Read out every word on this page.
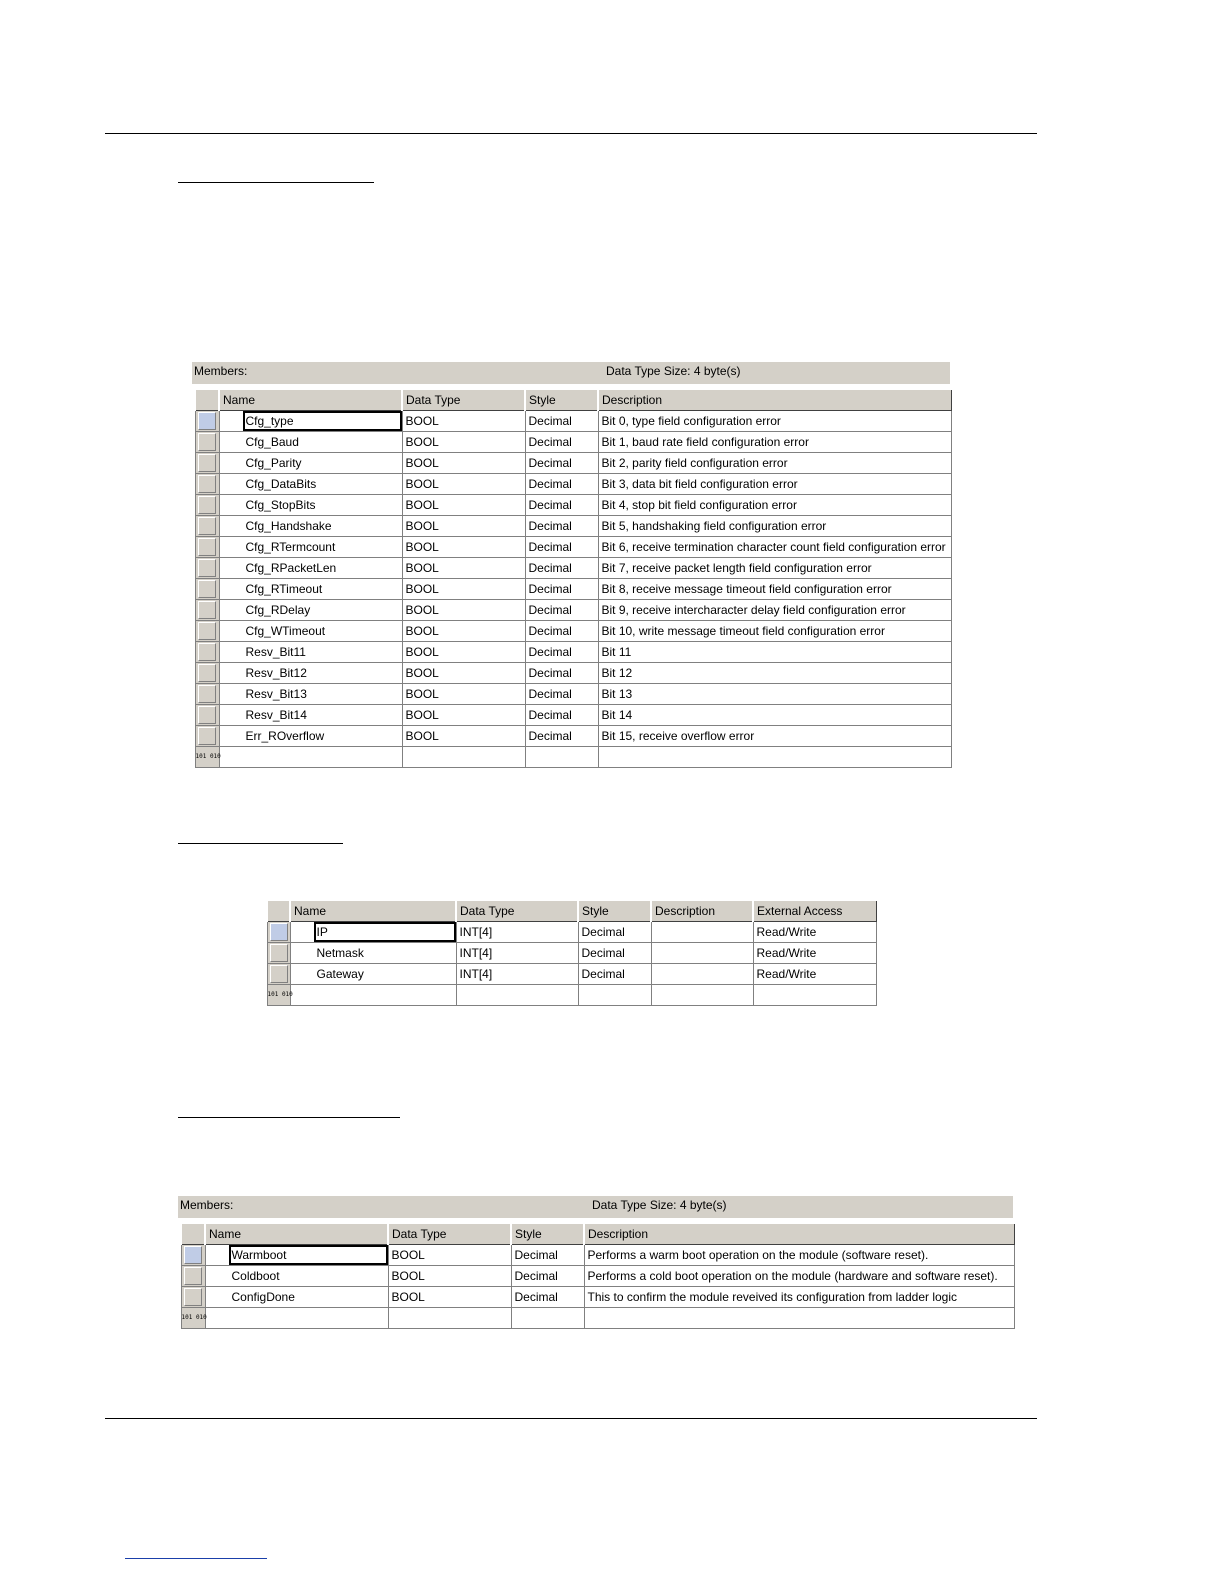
Members:	Data Type Size: 4 byte(s)
	Name	Data Type	Style	Description

	Cfg_type	BOOL	Decimal	Bit 0, type field configuration error

	Cfg_Baud	BOOL	Decimal	Bit 1, baud rate field configuration error

	Cfg_Parity	BOOL	Decimal	Bit 2, parity field configuration error

	Cfg_DataBits	BOOL	Decimal	Bit 3, data bit field configuration error

	Cfg_StopBits	BOOL	Decimal	Bit 4, stop bit field configuration error

	Cfg_Handshake	BOOL	Decimal	Bit 5, handshaking field configuration error

	Cfg_RTermcount	BOOL	Decimal	Bit 6, receive termination character count field configuration error

	Cfg_RPacketLen	BOOL	Decimal	Bit 7, receive packet length field configuration error

	Cfg_RTimeout	BOOL	Decimal	Bit 8, receive message timeout field configuration error

	Cfg_RDelay	BOOL	Decimal	Bit 9, receive intercharacter delay field configuration error

	Cfg_WTimeout	BOOL	Decimal	Bit 10, write message timeout field configuration error

	Resv_Bit11	BOOL	Decimal	Bit 11

	Resv_Bit12	BOOL	Decimal	Bit 12

	Resv_Bit13	BOOL	Decimal	Bit 13

	Resv_Bit14	BOOL	Decimal	Bit 14

	Err_ROverflow	BOOL	Decimal	Bit 15, receive overflow error
101 010				
	Name	Data Type	Style	Description	External Access

	IP	INT[4]	Decimal		Read/Write

	Netmask	INT[4]	Decimal		Read/Write

	Gateway	INT[4]	Decimal		Read/Write
101 010					
Members:	Data Type Size: 4 byte(s)
	Name	Data Type	Style	Description

	Warmboot	BOOL	Decimal	Performs a warm boot operation on the module (software reset).

	Coldboot	BOOL	Decimal	Performs a cold boot operation on the module (hardware and software reset).

	ConfigDone	BOOL	Decimal	This to confirm the module reveived its configuration from ladder logic
101 010				
